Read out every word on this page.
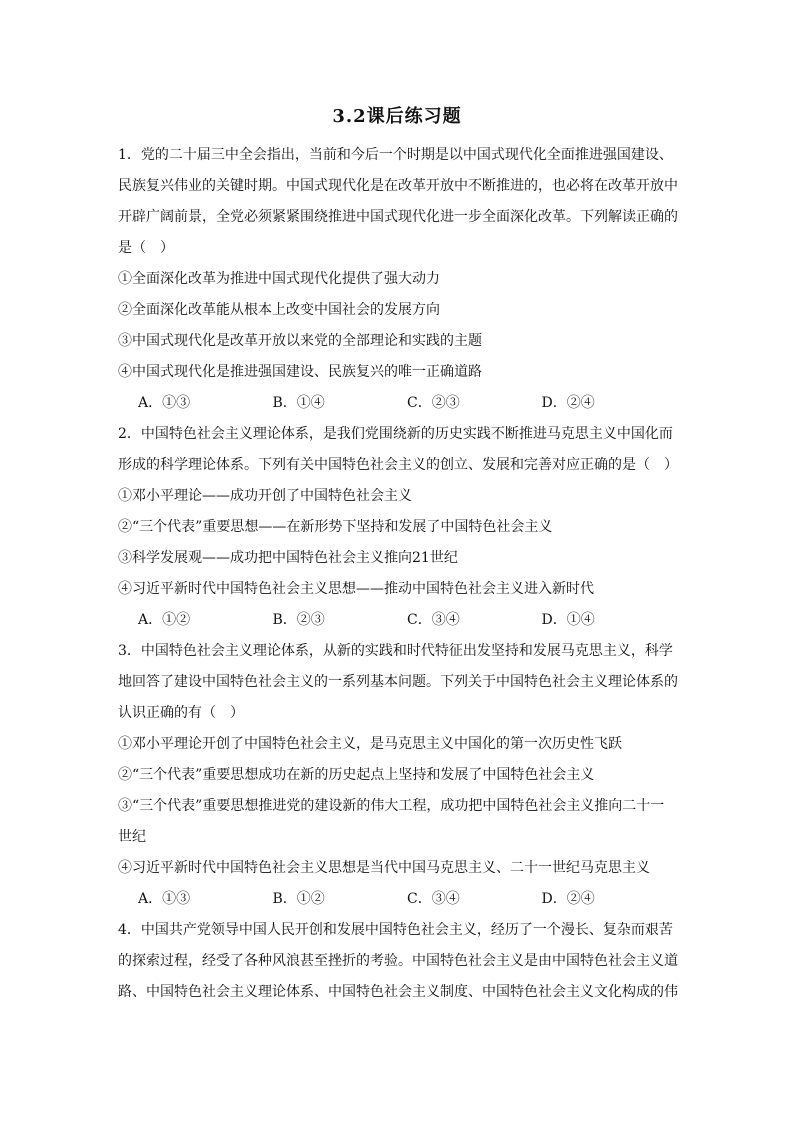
3.2课后练习题
1．党的二十届三中全会指出，当前和今后一个时期是以中国式现代化全面推进强国建设、
民族复兴伟业的关键时期。中国式现代化是在改革开放中不断推进的，也必将在改革开放中
开辟广阔前景，全党必须紧紧围绕推进中国式现代化进一步全面深化改革。下列解读正确的
是（　）
①全面深化改革为推进中国式现代化提供了强大动力
②全面深化改革能从根本上改变中国社会的发展方向
③中国式现代化是改革开放以来党的全部理论和实践的主题
④中国式现代化是推进强国建设、民族复兴的唯一正确道路
A．①③	B．①④	C．②③	D．②④
2．中国特色社会主义理论体系，是我们党围绕新的历史实践不断推进马克思主义中国化而
形成的科学理论体系。下列有关中国特色社会主义的创立、发展和完善对应正确的是（　）
①邓小平理论——成功开创了中国特色社会主义
②“三个代表”重要思想——在新形势下坚持和发展了中国特色社会主义
③科学发展观——成功把中国特色社会主义推向21世纪
④习近平新时代中国特色社会主义思想——推动中国特色社会主义进入新时代
A．①②	B．②③	C．③④	D．①④
3．中国特色社会主义理论体系，从新的实践和时代特征出发坚持和发展马克思主义，科学
地回答了建设中国特色社会主义的一系列基本问题。下列关于中国特色社会主义理论体系的
认识正确的有（　）
①邓小平理论开创了中国特色社会主义，是马克思主义中国化的第一次历史性飞跃
②“三个代表”重要思想成功在新的历史起点上坚持和发展了中国特色社会主义
③“三个代表”重要思想推进党的建设新的伟大工程，成功把中国特色社会主义推向二十一
世纪
④习近平新时代中国特色社会主义思想是当代中国马克思主义、二十一世纪马克思主义
A．①③	B．①②	C．③④	D．②④
4．中国共产党领导中国人民开创和发展中国特色社会主义，经历了一个漫长、复杂而艰苦
的探索过程，经受了各种风浪甚至挫折的考验。中国特色社会主义是由中国特色社会主义道
路、中国特色社会主义理论体系、中国特色社会主义制度、中国特色社会主义文化构成的伟
